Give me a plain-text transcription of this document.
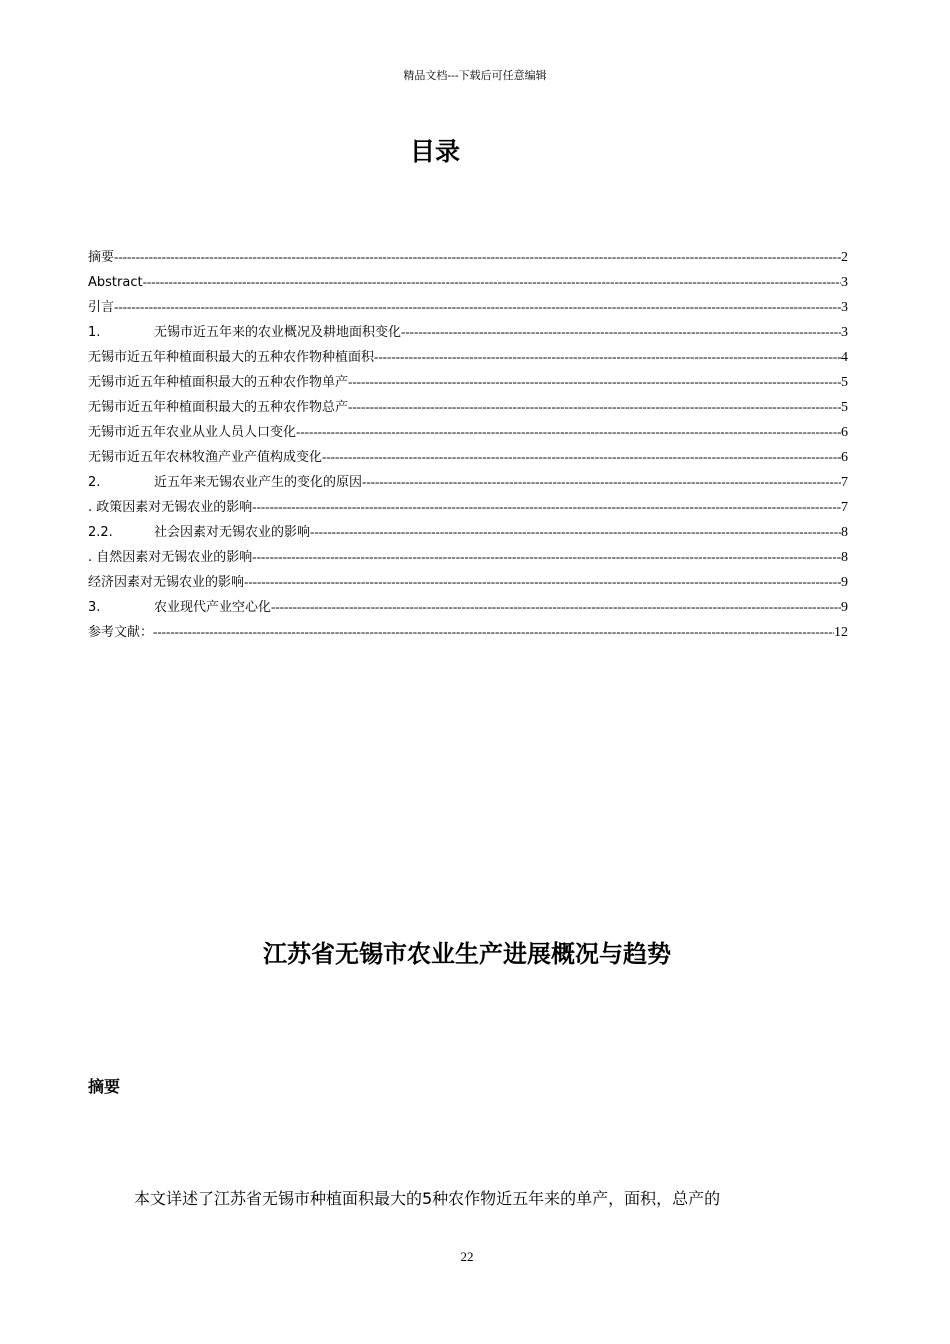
精品文档---下载后可任意编辑
目录
摘要 -----	2
Abstract -----	3
引言 -----	3
1.	无锡市近五年来的农业概况及耕地面积变化 -----	3
无锡市近五年种植面积最大的五种农作物种植面积 -----	4
无锡市近五年种植面积最大的五种农作物单产 -----	5
无锡市近五年种植面积最大的五种农作物总产 -----	5
无锡市近五年农业从业人员人口变化 -----	6
无锡市近五年农林牧渔产业产值构成变化 -----	6
2.	近五年来无锡农业产生的变化的原因 -----	7
. 政策因素对无锡农业的影响 -----	7
2.2.	社会因素对无锡农业的影响 -----	8
. 自然因素对无锡农业的影响 -----	8
经济因素对无锡农业的影响 -----	9
3.	农业现代产业空心化 -----	9
参考文献： -----	12
江苏省无锡市农业生产进展概况与趋势
摘要
本文详述了江苏省无锡市种植面积最大的5种农作物近五年来的单产，面积，总产的
22
